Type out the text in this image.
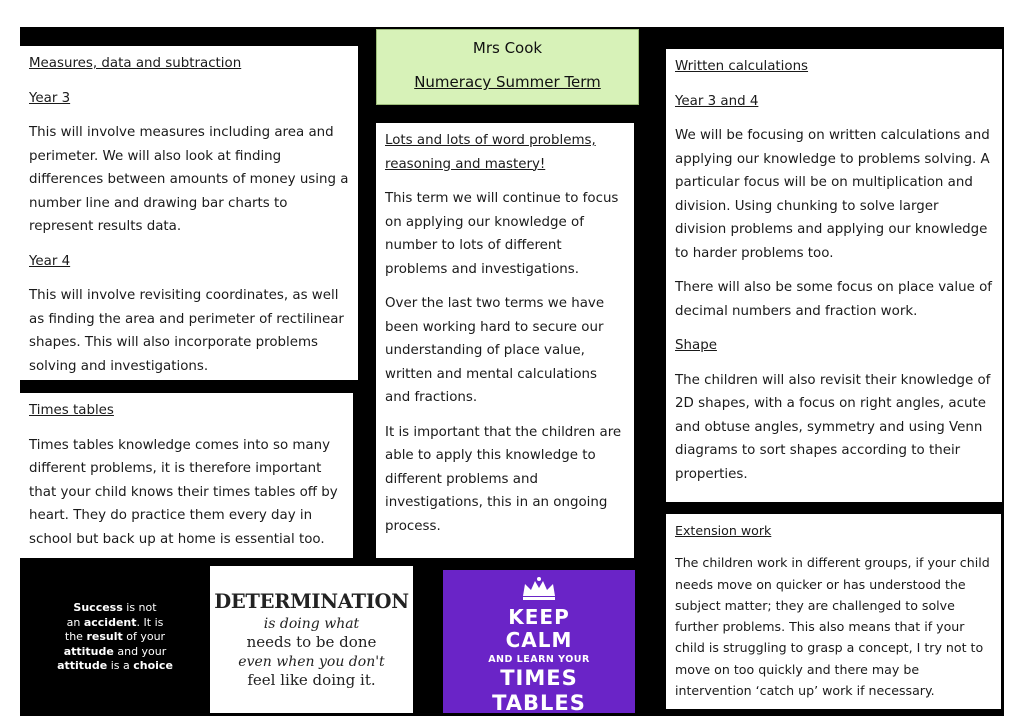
Mrs Cook
Numeracy Summer Term

Measures, data and subtraction

Year 3

This will involve measures including area and perimeter. We will also look at finding differences between amounts of money using a number line and drawing bar charts to represent results data.

Year 4

This will involve revisiting coordinates, as well as finding the area and perimeter of rectilinear shapes. This will also incorporate problems solving and investigations.

Times tables

Times tables knowledge comes into so many different problems, it is therefore important that your child knows their times tables off by heart. They do practice them every day in school but back up at home is essential too.

Lots and lots of word problems, reasoning and mastery!

This term we will continue to focus on applying our knowledge of number to lots of different problems and investigations.

Over the last two terms we have been working hard to secure our understanding of place value, written and mental calculations and fractions.

It is important that the children are able to apply this knowledge to different problems and investigations, this in an ongoing process.

Written calculations

Year 3 and 4

We will be focusing on written calculations and applying our knowledge to problems solving. A particular focus will be on multiplication and division. Using chunking to solve larger division problems and applying our knowledge to harder problems too.

There will also be some focus on place value of decimal numbers and fraction work.

Shape

The children will also revisit their knowledge of 2D shapes, with a focus on right angles, acute and obtuse angles, symmetry and using Venn diagrams to sort shapes according to their properties.

Extension work

The children work in different groups, if your child needs move on quicker or has understood the subject matter; they are challenged to solve further problems. This also means that if your child is struggling to grasp a concept, I try not to move on too quickly and there may be intervention ‘catch up’ work if necessary.

Success is not
an accident. It is
the result of your
attitude and your
attitude is a choice
DETERMINATION
is doing what
needs to be done
even when you don't
feel like doing it.
KEEP
CALM
AND LEARN YOUR
TIMES
TABLES
